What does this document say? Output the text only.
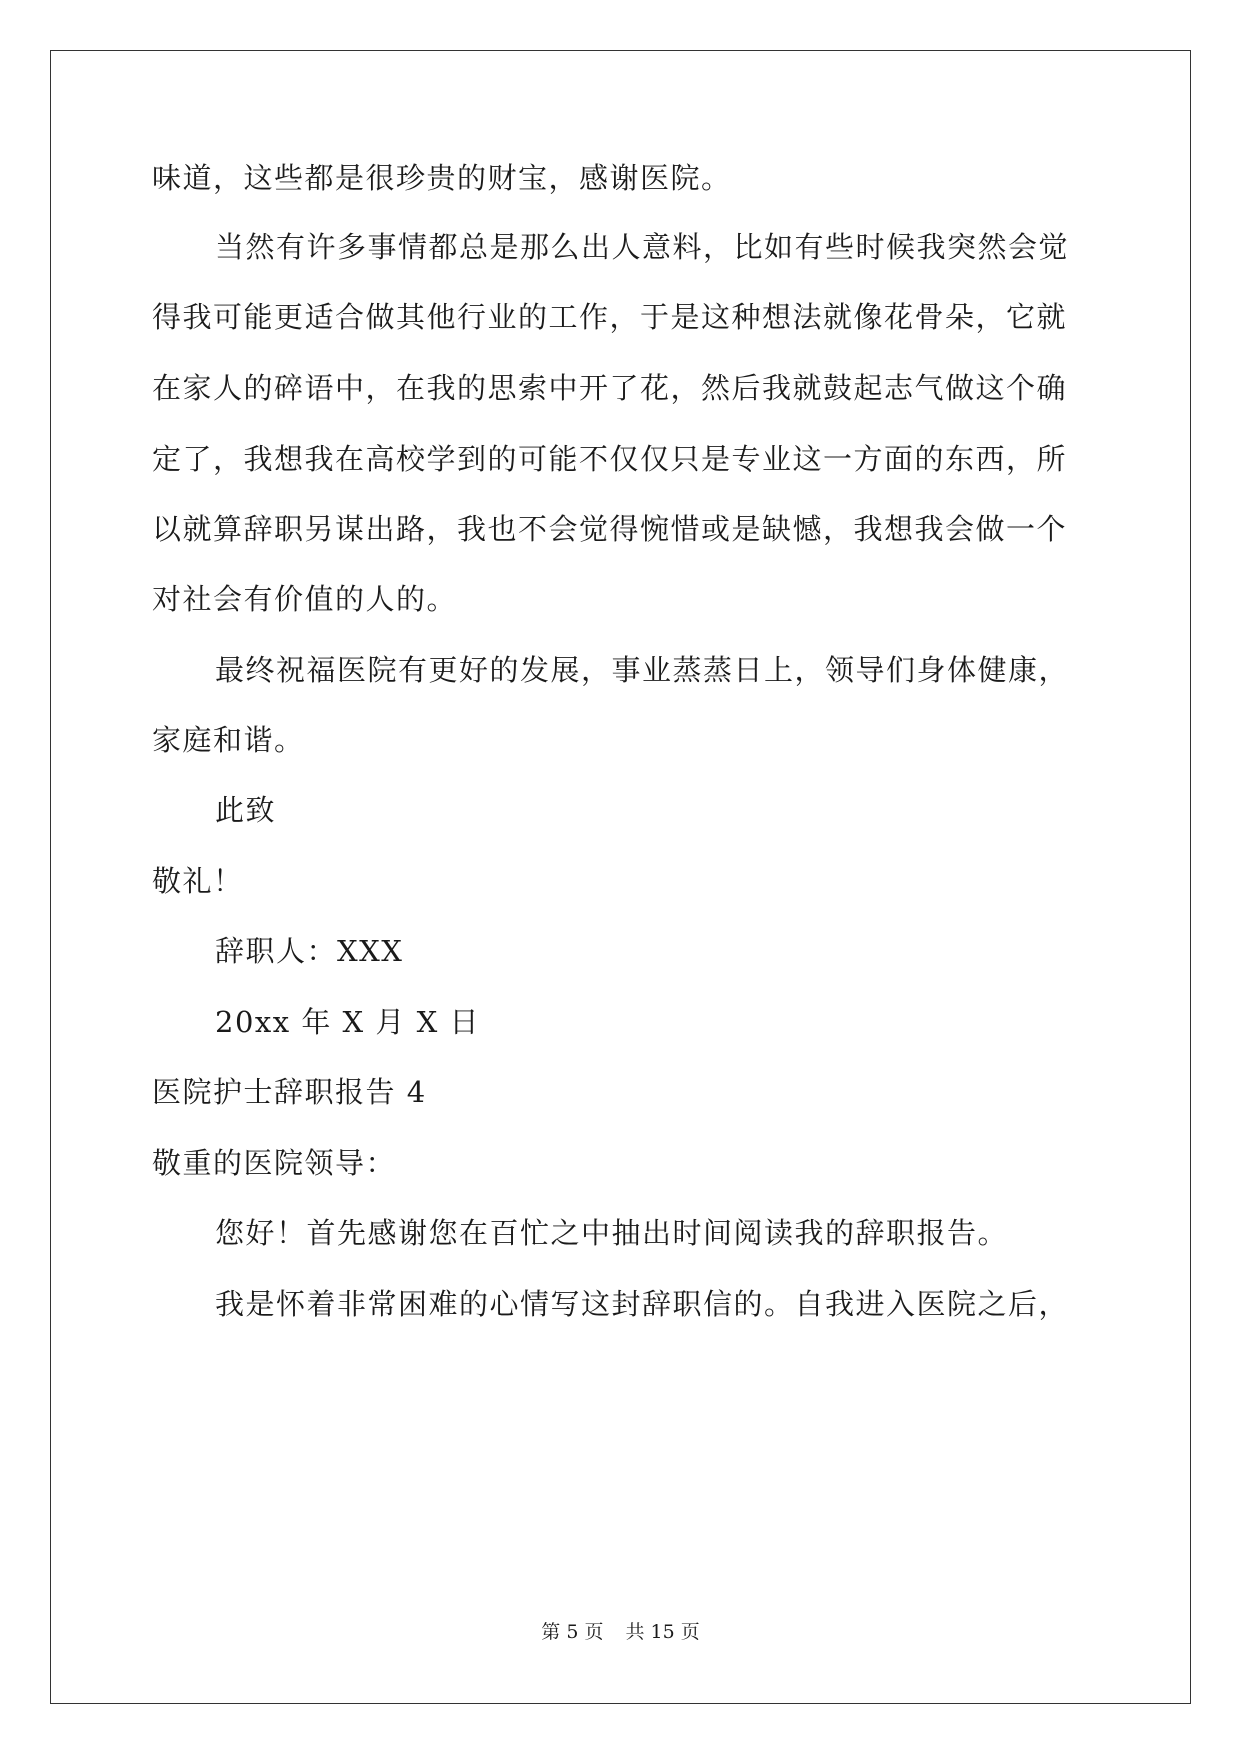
味道，这些都是很珍贵的财宝，感谢医院。
当然有许多事情都总是那么出人意料，比如有些时候我突然会觉
得我可能更适合做其他行业的工作，于是这种想法就像花骨朵，它就
在家人的碎语中，在我的思索中开了花，然后我就鼓起志气做这个确
定了，我想我在高校学到的可能不仅仅只是专业这一方面的东西，所
以就算辞职另谋出路，我也不会觉得惋惜或是缺憾，我想我会做一个
对社会有价值的人的。
最终祝福医院有更好的发展，事业蒸蒸日上，领导们身体健康，
家庭和谐。
此致
敬礼！
辞职人：XXX
20xx 年 X 月 X 日
医院护士辞职报告 4
敬重的医院领导：
您好！首先感谢您在百忙之中抽出时间阅读我的辞职报告。
我是怀着非常困难的心情写这封辞职信的。自我进入医院之后，
第 5 页 共 15 页
